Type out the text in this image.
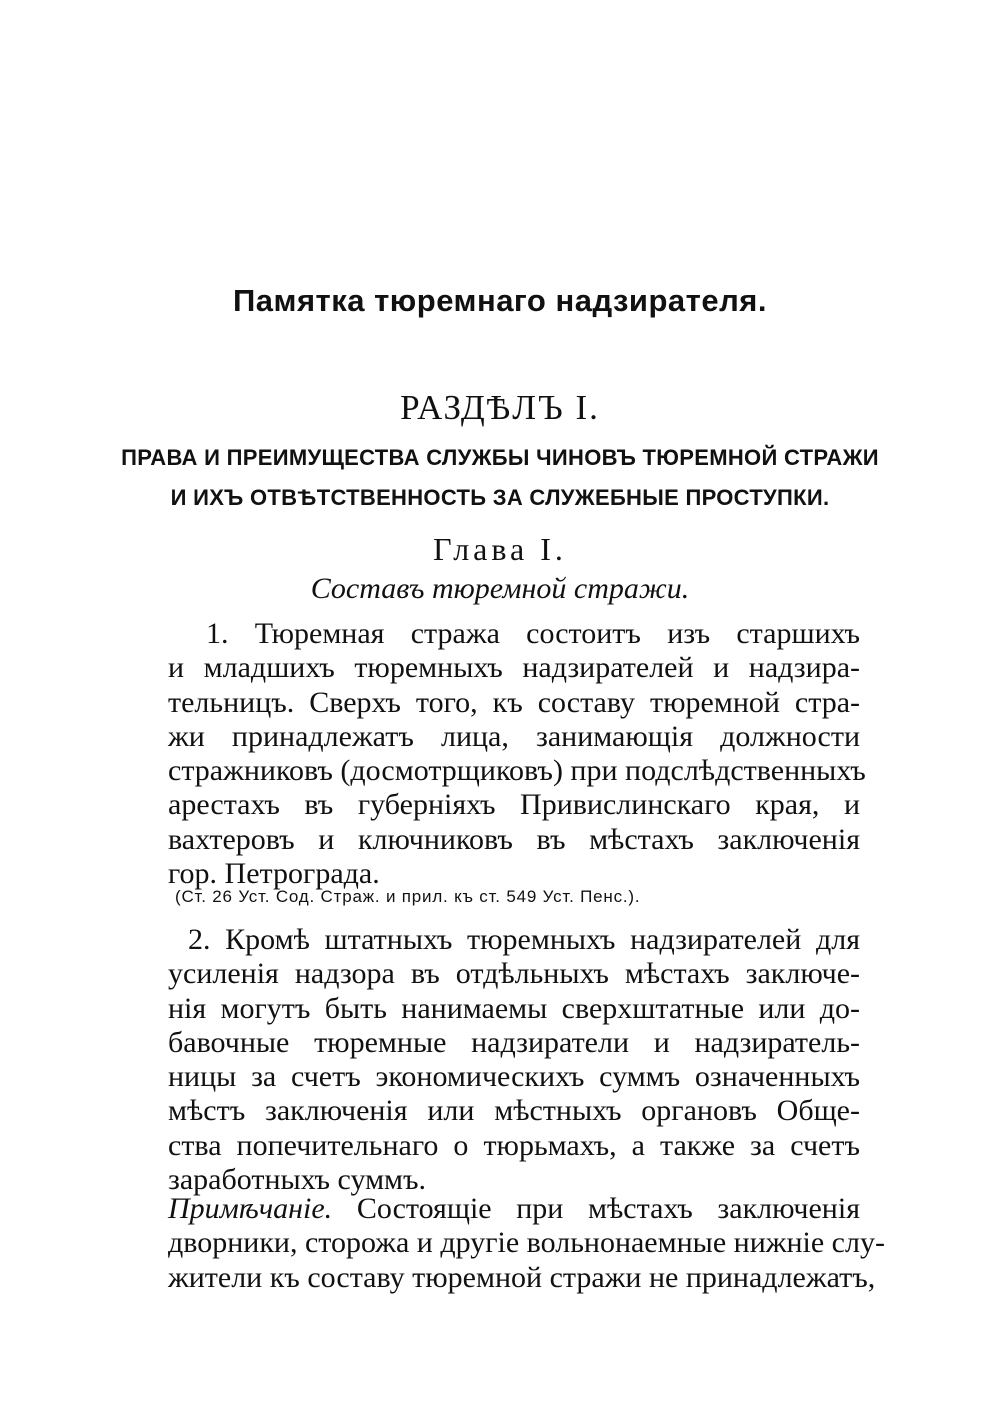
Памятка тюремнаго надзирателя.
РАЗДѢЛЪ I.
ПРАВА И ПРЕИМУЩЕСТВА СЛУЖБЫ ЧИНОВЪ ТЮРЕМНОЙ СТРАЖИ
И ИХЪ ОТВѢТСТВЕННОСТЬ ЗА СЛУЖЕБНЫЕ ПРОСТУПКИ.
Глава I.
Составъ тюремной стражи.
1. Тюремная стража состоитъ изъ старшихъ
и младшихъ тюремныхъ надзирателей и надзира-
тельницъ. Сверхъ того, къ составу тюремной стра-
жи принадлежатъ лица, занимающія должности
стражниковъ (досмотрщиковъ) при подслѣдственныхъ
арестахъ въ губерніяхъ Привислинскаго края, и
вахтеровъ и ключниковъ въ мѣстахъ заключенія
гор. Петрограда.
(Ст. 26 Уст. Сод. Страж. и прил. къ ст. 549 Уст. Пенс.).
2. Кромѣ штатныхъ тюремныхъ надзирателей для
усиленія надзора въ отдѣльныхъ мѣстахъ заключе-
нія могутъ быть нанимаемы сверхштатные или до-
бавочные тюремные надзиратели и надзиратель-
ницы за счетъ экономическихъ суммъ означенныхъ
мѣстъ заключенія или мѣстныхъ органовъ Обще-
ства попечительнаго о тюрьмахъ, а также за счетъ
заработныхъ суммъ.
Примѣчаніе. Состоящіе при мѣстахъ заключенія
дворники, сторожа и другіе вольнонаемные нижніе слу-
жители къ составу тюремной стражи не принадлежатъ,
